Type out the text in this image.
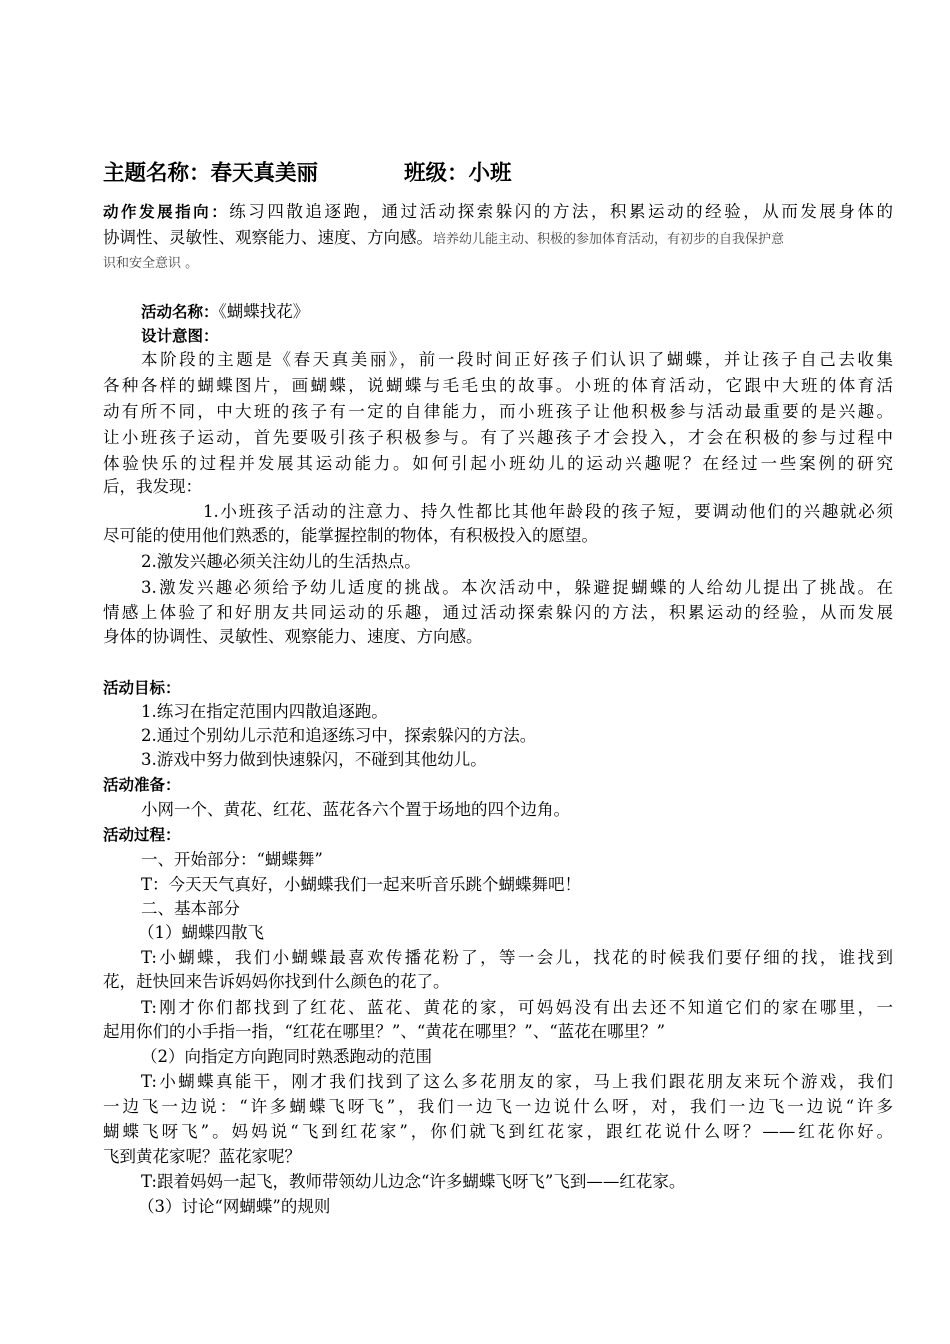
主题名称：春天真美丽	班级：小班
动作发展指向：练习四散追逐跑，通过活动探索躲闪的方法，积累运动的经验，从而发展身体的
协调性、灵敏性、观察能力、速度、方向感。培养幼儿能主动、积极的参加体育活动，有初步的自我保护意
识和安全意识 。
活动名称：《蝴蝶找花》
设计意图：
本阶段的主题是《春天真美丽》，前一段时间正好孩子们认识了蝴蝶，并让孩子自己去收集
各种各样的蝴蝶图片，画蝴蝶，说蝴蝶与毛毛虫的故事。小班的体育活动，它跟中大班的体育活
动有所不同，中大班的孩子有一定的自律能力，而小班孩子让他积极参与活动最重要的是兴趣。
让小班孩子运动，首先要吸引孩子积极参与。有了兴趣孩子才会投入，才会在积极的参与过程中
体验快乐的过程并发展其运动能力。如何引起小班幼儿的运动兴趣呢？在经过一些案例的研究
后，我发现：
1.小班孩子活动的注意力、持久性都比其他年龄段的孩子短，要调动他们的兴趣就必须
尽可能的使用他们熟悉的，能掌握控制的物体，有积极投入的愿望。
2.激发兴趣必须关注幼儿的生活热点。
3.激发兴趣必须给予幼儿适度的挑战。本次活动中，躲避捉蝴蝶的人给幼儿提出了挑战。在
情感上体验了和好朋友共同运动的乐趣，通过活动探索躲闪的方法，积累运动的经验，从而发展
身体的协调性、灵敏性、观察能力、速度、方向感。
活动目标：
1.练习在指定范围内四散追逐跑。
2.通过个别幼儿示范和追逐练习中，探索躲闪的方法。
3.游戏中努力做到快速躲闪，不碰到其他幼儿。
活动准备：
小网一个、黄花、红花、蓝花各六个置于场地的四个边角。
活动过程：
一、开始部分：“蝴蝶舞”
T：今天天气真好，小蝴蝶我们一起来听音乐跳个蝴蝶舞吧！
二、基本部分
（1）蝴蝶四散飞
T:小蝴蝶，我们小蝴蝶最喜欢传播花粉了，等一会儿，找花的时候我们要仔细的找，谁找到
花，赶快回来告诉妈妈你找到什么颜色的花了。
T:刚才你们都找到了红花、蓝花、黄花的家，可妈妈没有出去还不知道它们的家在哪里，一
起用你们的小手指一指，“红花在哪里？”、“黄花在哪里？”、“蓝花在哪里？”
（2）向指定方向跑同时熟悉跑动的范围
T:小蝴蝶真能干，刚才我们找到了这么多花朋友的家，马上我们跟花朋友来玩个游戏，我们
一边飞一边说：“许多蝴蝶飞呀飞”，我们一边飞一边说什么呀，对，我们一边飞一边说“许多
蝴蝶飞呀飞”。妈妈说“飞到红花家”，你们就飞到红花家，跟红花说什么呀？——红花你好。
飞到黄花家呢？蓝花家呢？
T:跟着妈妈一起飞，教师带领幼儿边念“许多蝴蝶飞呀飞”飞到——红花家。
（3）讨论“网蝴蝶”的规则
